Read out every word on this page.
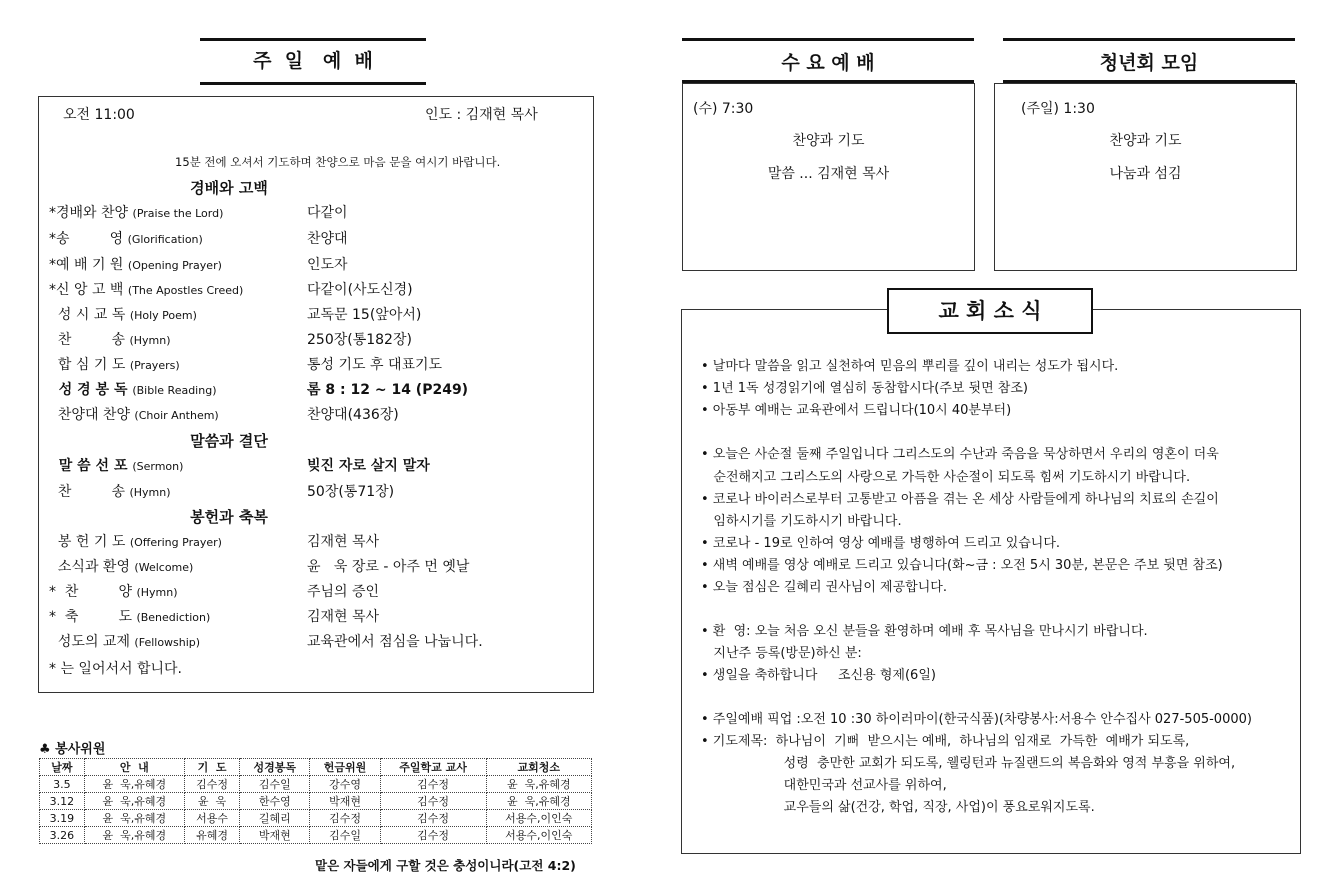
주  일   예  배
오전 11:00	인도 : 김재현 목사
15분 전에 오셔서 기도하며 찬양으로 마음 문을 여시기 바랍니다.
경배와 고백
*경배와 찬양 (Praise the Lord)	다같이
*송         영 (Glorification)	찬양대
*예 배 기 원 (Opening Prayer)	인도자
*신 앙 고 백 (The Apostles Creed)	다같이(사도신경)
성 시 교 독 (Holy Poem)	교독문 15(앞아서)
찬         송 (Hymn)	250장(통182장)
합 심 기 도 (Prayers)	통성 기도 후 대표기도
성 경 봉 독 (Bible Reading)	롬 8 : 12 ~ 14 (P249)
찬양대 찬양 (Choir Anthem)	찬양대(436장)
말 씀 선 포 (Sermon)	빚진 자로 살지 말자
찬         송 (Hymn)	50장(통71장)
봉 헌 기 도 (Offering Prayer)	김재현 목사
소식과 환영 (Welcome)	윤   욱 장로 - 아주 먼 옛날
*  찬         양 (Hymn)	주님의 증인
*  축         도 (Benediction)	김재현 목사
성도의 교제 (Fellowship)	교육관에서 점심을 나눕니다.
말씀과 결단
봉헌과 축복
* 는 일어서서 합니다.
♣ 봉사위원
날짜	안  내	기  도	성경봉독	헌금위원	주일학교 교사	교회청소
3.5	윤  욱,유혜경	김수정	김수일	강수영	김수정	윤  욱,유혜경
3.12	윤  욱,유혜경	윤  욱	한수영	박재현	김수정	윤  욱,유혜경
3.19	윤  욱,유혜경	서용수	길혜리	김수정	김수정	서용수,이인숙
3.26	윤  욱,유혜경	유혜경	박재현	김수일	김수정	서용수,이인숙
맡은 자들에게 구할 것은 충성이니라(고전 4:2)
수 요 예 배
(수) 7:30
찬양과 기도
말씀 ... 김재현 목사
청년회 모임
(주일) 1:30
찬양과 기도
나눔과 섬김
교 회 소 식
• 날마다 말씀을 읽고 실천하여 믿음의 뿌리를 깊이 내리는 성도가 됩시다.
• 1년 1독 성경읽기에 열심히 동참합시다(주보 뒷면 참조)
• 아동부 예배는 교육관에서 드립니다(10시 40분부터)
• 오늘은 사순절 둘째 주일입니다 그리스도의 수난과 죽음을 묵상하면서 우리의 영혼이 더욱
순전해지고 그리스도의 사랑으로 가득한 사순절이 되도록 힘써 기도하시기 바랍니다.
• 코로나 바이러스로부터 고통받고 아픔을 겪는 온 세상 사람들에게 하나님의 치료의 손길이
임하시기를 기도하시기 바랍니다.
• 코로나 - 19로 인하여 영상 예배를 병행하여 드리고 있습니다.
• 새벽 예배를 영상 예배로 드리고 있습니다(화~금 : 오전 5시 30분, 본문은 주보 뒷면 참조)
• 오늘 점심은 길혜리 권사님이 제공합니다.
• 환  영: 오늘 처음 오신 분들을 환영하며 예배 후 목사님을 만나시기 바랍니다.
지난주 등록(방문)하신 분:
• 생일을 축하합니다     조신용 형제(6일)
• 주일예배 픽업 :오전 10 :30 하이러마이(한국식품)(차량봉사:서용수 안수집사 027-505-0000)
• 기도제목:  하나님이  기뻐  받으시는 예배,  하나님의 임재로  가득한  예배가 되도록,
성령  충만한 교회가 되도록, 웰링턴과 뉴질랜드의 복음화와 영적 부흥을 위하여,
대한민국과 선교사를 위하여,
교우들의 삶(건강, 학업, 직장, 사업)이 풍요로워지도록.
